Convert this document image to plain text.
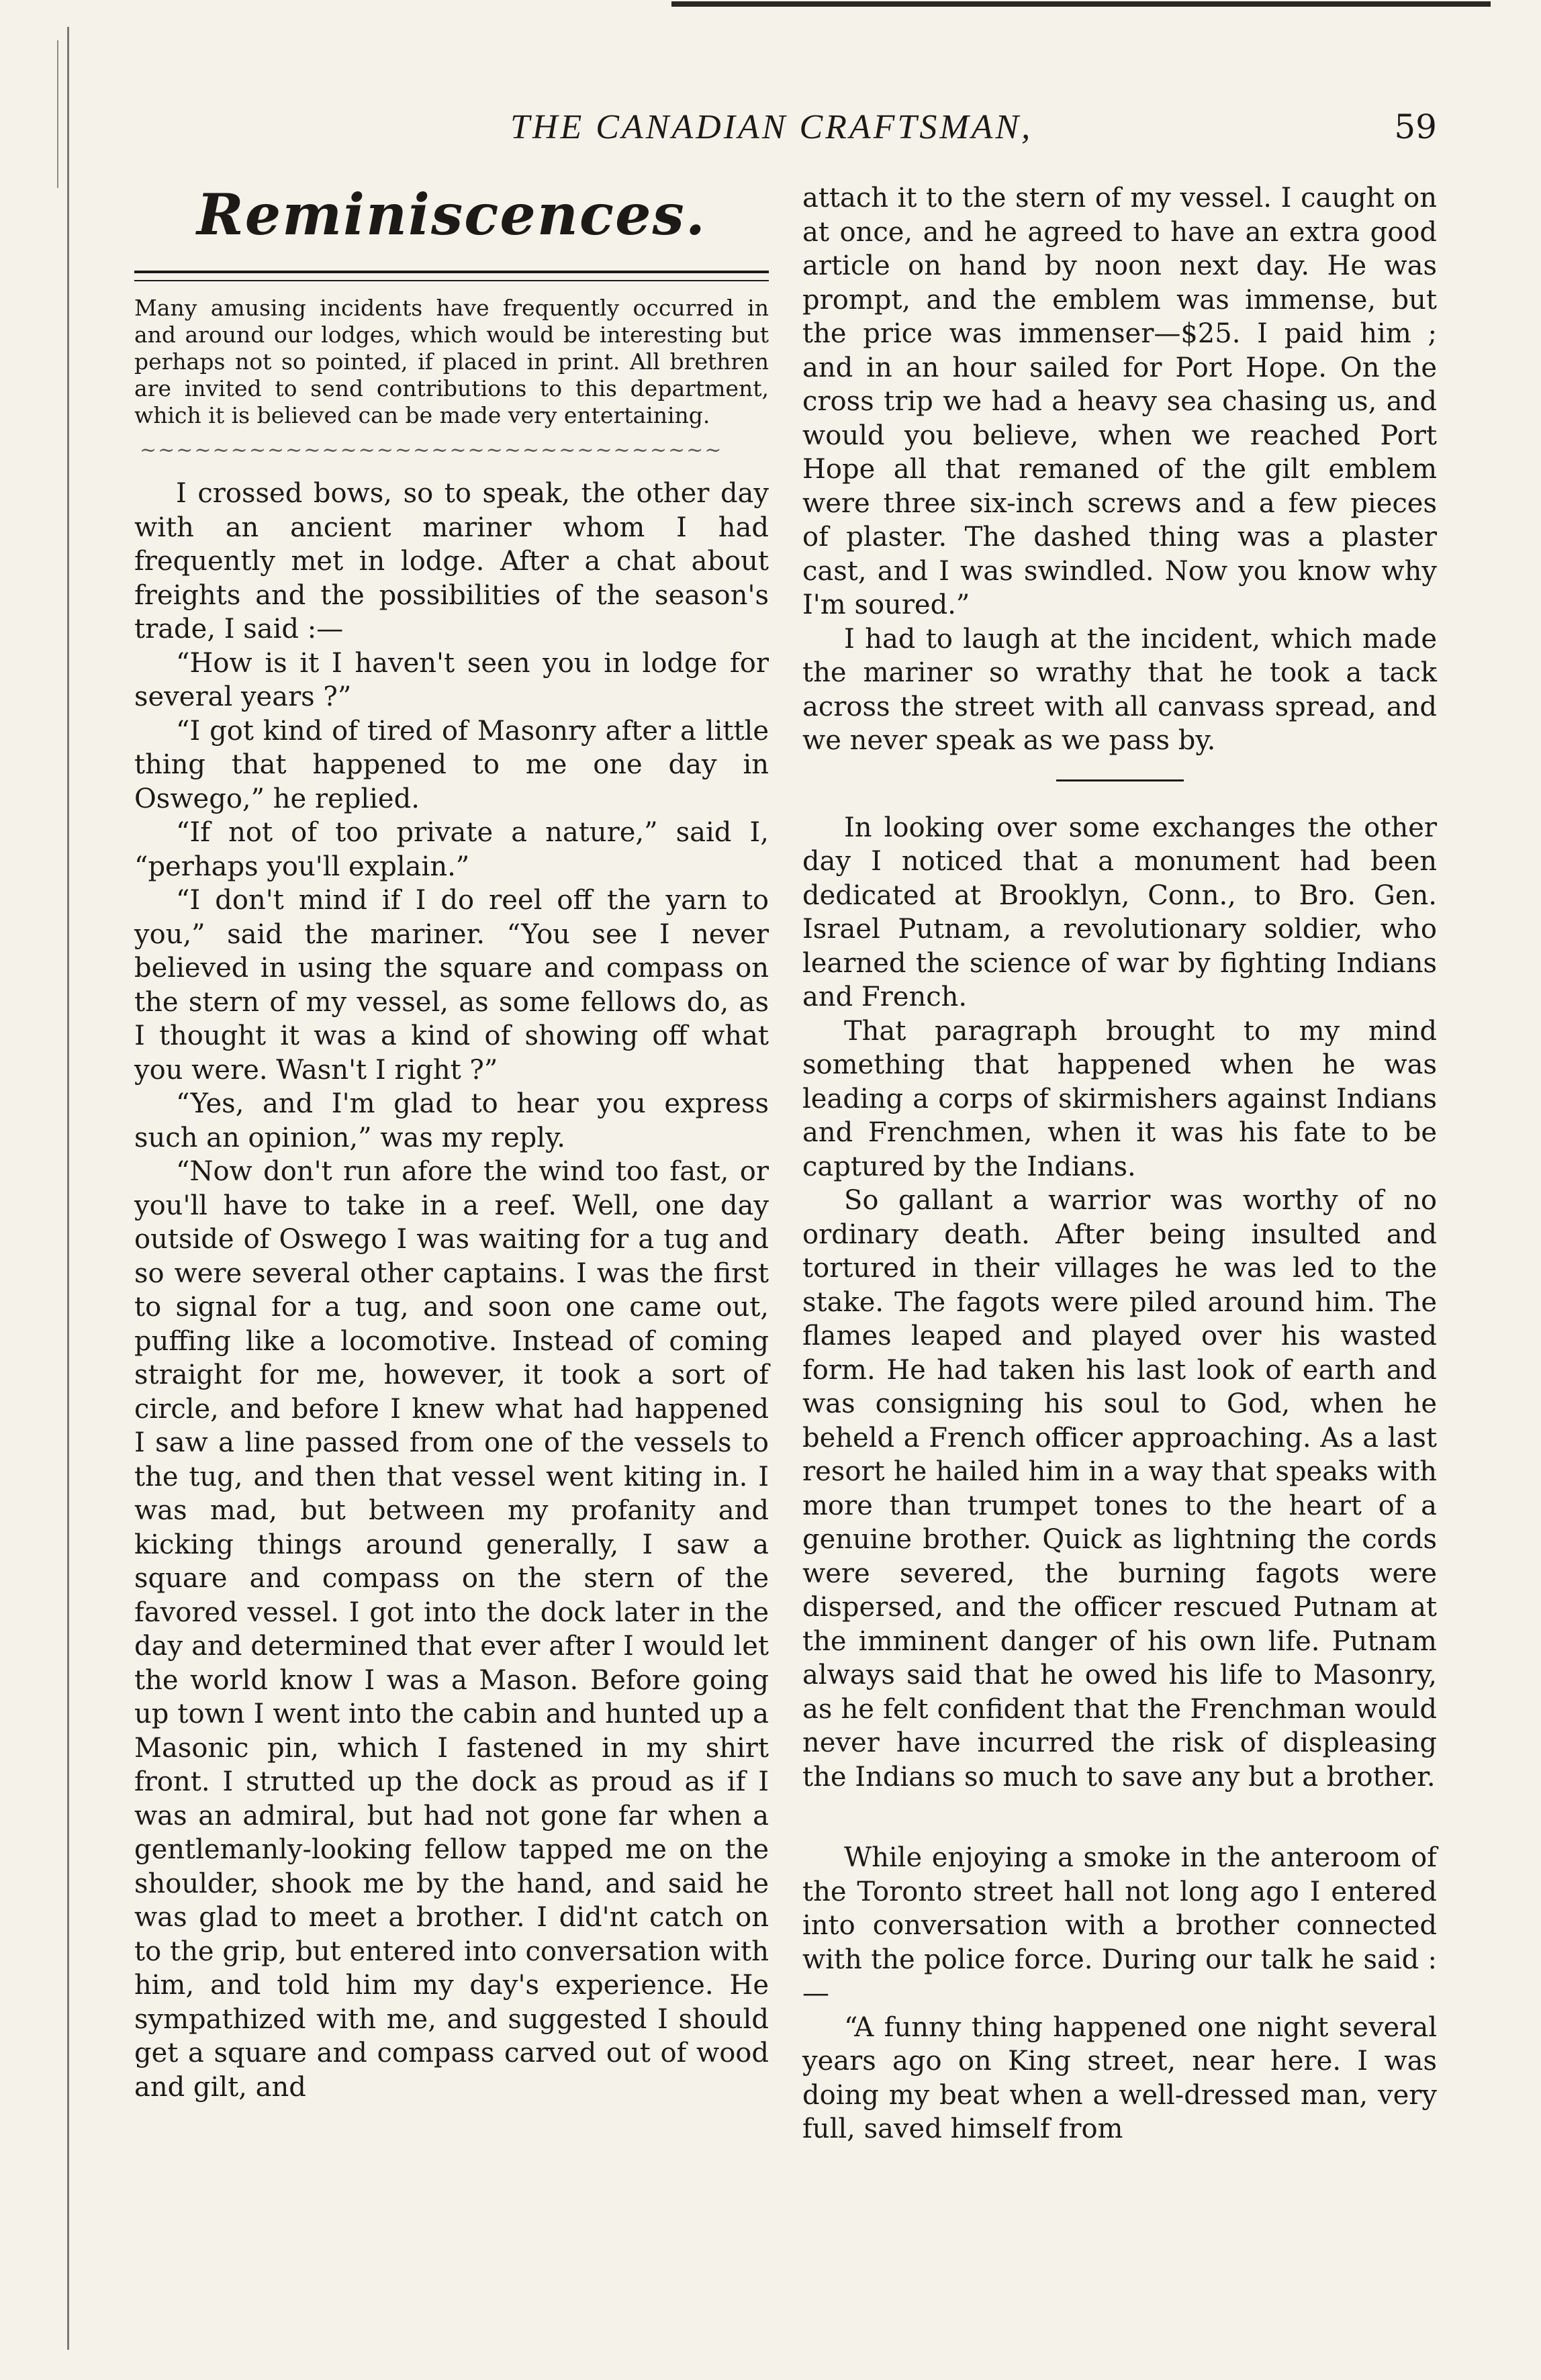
THE CANADIAN CRAFTSMAN,	59
Reminiscences.

Many amusing incidents have frequently occurred in and around our lodges, which would be interesting but perhaps not so pointed, if placed in print. All brethren are invited to send contributions to this department, which it is believed can be made very entertaining.

~~~~~~~~~~~~~~~~~~~~~~~~~~~~~~~~

I crossed bows, so to speak, the other day with an ancient mariner whom I had frequently met in lodge. After a chat about freights and the possibilities of the season's trade, I said :—

“How is it I haven't seen you in lodge for several years ?”

“I got kind of tired of Masonry after a little thing that happened to me one day in Oswego,” he replied.

“If not of too private a nature,” said I, “perhaps you'll explain.”

“I don't mind if I do reel off the yarn to you,” said the mariner. “You see I never believed in using the square and compass on the stern of my vessel, as some fellows do, as I thought it was a kind of showing off what you were. Wasn't I right ?”

“Yes, and I'm glad to hear you express such an opinion,” was my reply.

“Now don't run afore the wind too fast, or you'll have to take in a reef. Well, one day outside of Oswego I was waiting for a tug and so were several other captains. I was the first to signal for a tug, and soon one came out, puffing like a locomotive. Instead of coming straight for me, however, it took a sort of circle, and before I knew what had happened I saw a line passed from one of the vessels to the tug, and then that vessel went kiting in. I was mad, but between my profanity and kicking things around generally, I saw a square and compass on the stern of the favored vessel. I got into the dock later in the day and determined that ever after I would let the world know I was a Mason. Before going up town I went into the cabin and hunted up a Masonic pin, which I fastened in my shirt front. I strutted up the dock as proud as if I was an admiral, but had not gone far when a gentlemanly-looking fellow tapped me on the shoulder, shook me by the hand, and said he was glad to meet a brother. I did'nt catch on to the grip, but entered into conversation with him, and told him my day's experience. He sympathized with me, and suggested I should get a square and compass carved out of wood and gilt, and

attach it to the stern of my vessel. I caught on at once, and he agreed to have an extra good article on hand by noon next day. He was prompt, and the emblem was immense, but the price was immenser—$25. I paid him ; and in an hour sailed for Port Hope. On the cross trip we had a heavy sea chasing us, and would you believe, when we reached Port Hope all that remaned of the gilt emblem were three six-inch screws and a few pieces of plaster. The dashed thing was a plaster cast, and I was swindled. Now you know why I'm soured.”

I had to laugh at the incident, which made the mariner so wrathy that he took a tack across the street with all canvass spread, and we never speak as we pass by.

In looking over some exchanges the other day I noticed that a monument had been dedicated at Brooklyn, Conn., to Bro. Gen. Israel Putnam, a revolutionary soldier, who learned the science of war by fighting Indians and French.

That paragraph brought to my mind something that happened when he was leading a corps of skirmishers against Indians and Frenchmen, when it was his fate to be captured by the Indians.

So gallant a warrior was worthy of no ordinary death. After being insulted and tortured in their villages he was led to the stake. The fagots were piled around him. The flames leaped and played over his wasted form. He had taken his last look of earth and was consigning his soul to God, when he beheld a French officer approaching. As a last resort he hailed him in a way that speaks with more than trumpet tones to the heart of a genuine brother. Quick as lightning the cords were severed, the burning fagots were dispersed, and the officer rescued Putnam at the imminent danger of his own life. Putnam always said that he owed his life to Masonry, as he felt confident that the Frenchman would never have incurred the risk of displeasing the Indians so much to save any but a brother.

While enjoying a smoke in the anteroom of the Toronto street hall not long ago I entered into conversation with a brother connected with the police force. During our talk he said :—

“A funny thing happened one night several years ago on King street, near here. I was doing my beat when a well-dressed man, very full, saved himself from
